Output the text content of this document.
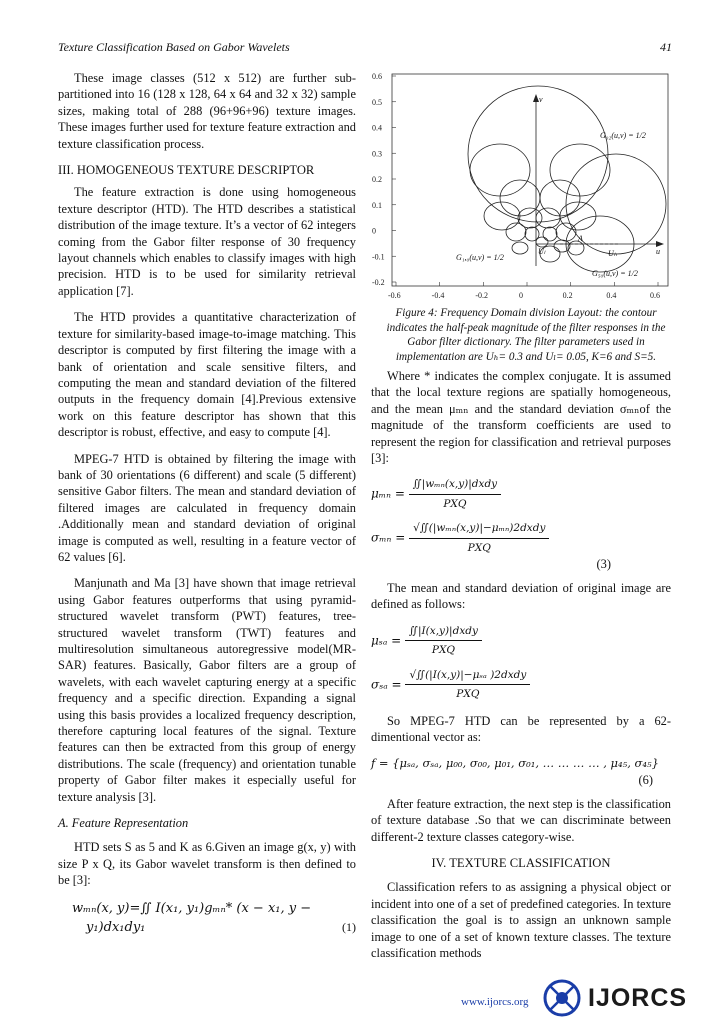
Texture Classification Based on Gabor Wavelets	41

These image classes (512 x 512) are further sub-partitioned into 16 (128 x 128, 64 x 64 and 32 x 32) sample sizes, making total of 288 (96+96+96) texture images. These images further used for texture feature extraction and texture classification process.

III. HOMOGENEOUS TEXTURE DESCRIPTOR

The feature extraction is done using homogeneous texture descriptor (HTD). The HTD describes a statistical distribution of the image texture. It’s a vector of 62 integers coming from the Gabor filter response of 30 frequency layout channels which enables to classify images with high precision. HTD is to be used for similarity retrieval application [7].

The HTD provides a quantitative characterization of texture for similarity-based image-to-image matching. This descriptor is computed by first filtering the image with a bank of orientation and scale sensitive filters, and computing the mean and standard deviation of the filtered outputs in the frequency domain [4].Previous extensive work on this feature descriptor has shown that this descriptor is robust, effective, and easy to compute [4].

MPEG-7 HTD is obtained by filtering the image with bank of 30 orientations (6 different) and scale (5 different) sensitive Gabor filters. The mean and standard deviation of filtered images are calculated in frequency domain .Additionally mean and standard deviation of original image is computed as well, resulting in a feature vector of 62 values [6].

Manjunath and Ma [3] have shown that image retrieval using Gabor features outperforms that using pyramid-structured wavelet transform (PWT) features, tree-structured wavelet transform (TWT) features and multiresolution simultaneous autoregressive model(MR-SAR) features. Basically, Gabor filters are a group of wavelets, with each wavelet capturing energy at a specific frequency and a specific direction. Expanding a signal using this basis provides a localized frequency description, therefore capturing local features of the signal. Texture features can then be extracted from this group of energy distributions. The scale (frequency) and orientation tunable property of Gabor filter makes it especially useful for texture analysis [3].

A. Feature Representation

HTD sets S as 5 and K as 6.Given an image g(x, y) with size P x Q, its Gabor wavelet transform is then defined to be [3]:

wₘₙ(x, y)=∬ I(x₁, y₁)gₘₙ* (x − x₁, y −
y₁)dx₁dy₁	(1)
0.6
0.5
0.4
0.3
0.2
0.1
0
-0.1
-0.2
-0.6	-0.4	-0.2	0	0.2	0.4	0.6
v
G₀₂(u,v) = 1/2
G₁,₀(u,v) = 1/2
G₅₀(u,v) = 1/2
Uₗ	Uₕ
A
u
Figure 4: Frequency Domain division Layout: the contour indicates the half-peak magnitude of the filter responses in the Gabor filter dictionary. The filter parameters used in implementation are Uₕ= 0.3 and Uₗ= 0.05, K=6 and S=5.

Where * indicates the complex conjugate. It is assumed that the local texture regions are spatially homogeneous, and the mean μₘₙ and the standard deviation σₘₙof the magnitude of the transform coefficients are used to represent the region for classification and retrieval purposes [3]:

$\mu_{mn} = \frac{\text{∬|wₘₙ(x,y)|dxdy}}{\text{PXQ}}$
$\sigma_{mn} = \frac{\text{√∬(|wₘₙ(x,y)|−μₘₙ)2dxdy}}{\text{PXQ}}$
(3)

The mean and standard deviation of original image are defined as follows:

$\mu_{sa} = \frac{\text{∬|I(x,y)|dxdy}}{\text{PXQ}}$
$\sigma_{sa} = \frac{\text{√∬(|I(x,y)|−μₛₐ )2dxdy}}{\text{PXQ}}$

So MPEG-7 HTD can be represented by a 62-dimentional vector as:

f = {μₛₐ, σₛₐ, μ₀₀, σ₀₀, μ₀₁, σ₀₁, … … … … , μ₄₅, σ₄₅}
(6)

After feature extraction, the next step is the classification of texture database .So that we can discriminate between different-2 texture classes category-wise.

IV. TEXTURE CLASSIFICATION

Classification refers to as assigning a physical object or incident into one of a set of predefined categories. In texture classification the goal is to assign an unknown sample image to one of a set of known texture classes. The texture classification methods

www.ijorcs.org IJORCS
